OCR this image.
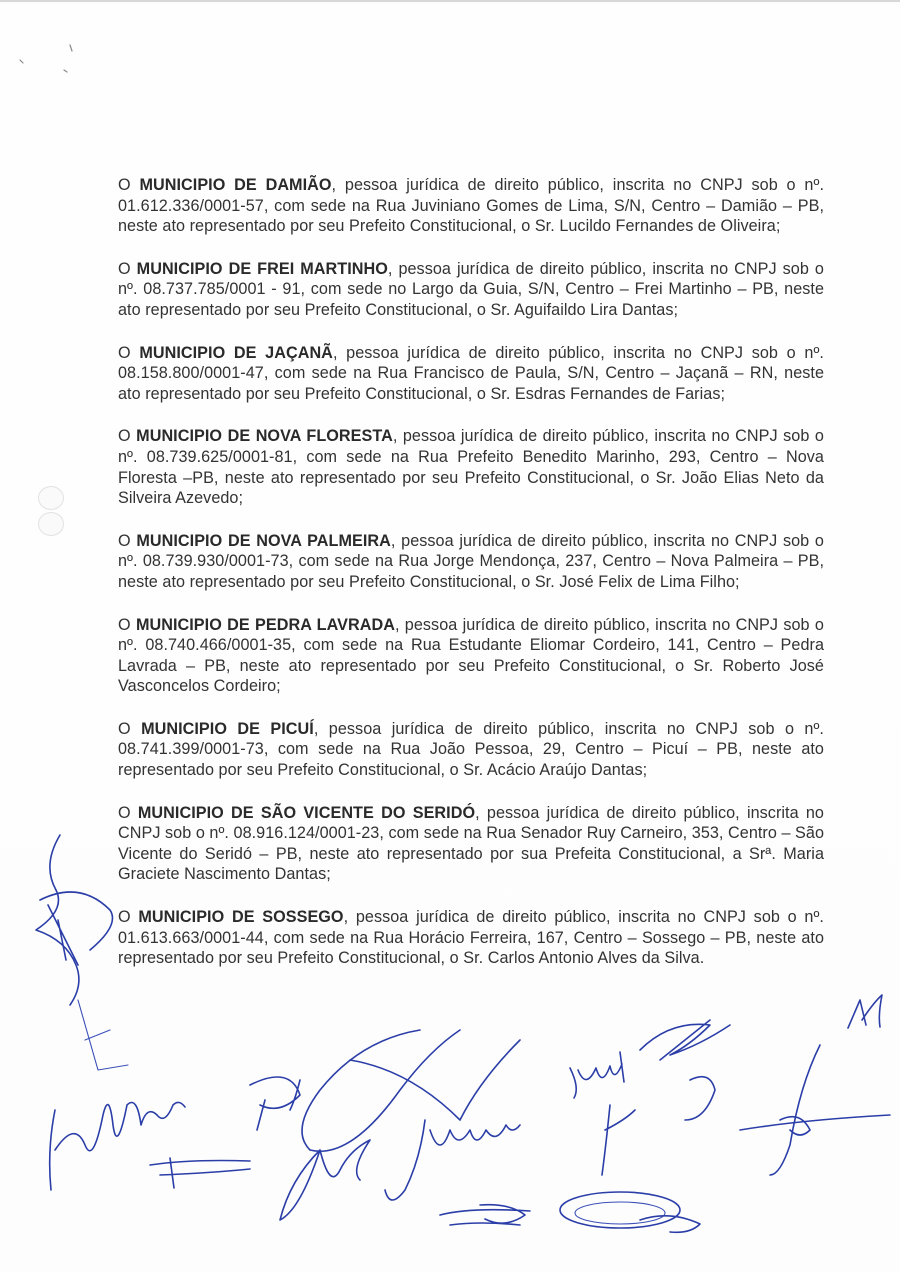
O MUNICIPIO DE DAMIÃO, pessoa jurídica de direito público, inscrita no CNPJ sob o nº. 01.612.336/0001-57, com sede na Rua Juviniano Gomes de Lima, S/N, Centro – Damião – PB, neste ato representado por seu Prefeito Constitucional, o Sr. Lucildo Fernandes de Oliveira;

O MUNICIPIO DE FREI MARTINHO, pessoa jurídica de direito público, inscrita no CNPJ sob o nº. 08.737.785/0001 - 91, com sede no Largo da Guia, S/N, Centro – Frei Martinho – PB, neste ato representado por seu Prefeito Constitucional, o Sr. Aguifaildo Lira Dantas;

O MUNICIPIO DE JAÇANÃ, pessoa jurídica de direito público, inscrita no CNPJ sob o nº. 08.158.800/0001-47, com sede na Rua Francisco de Paula, S/N, Centro – Jaçanã – RN, neste ato representado por seu Prefeito Constitucional, o Sr. Esdras Fernandes de Farias;

O MUNICIPIO DE NOVA FLORESTA, pessoa jurídica de direito público, inscrita no CNPJ sob o nº. 08.739.625/0001-81, com sede na Rua Prefeito Benedito Marinho, 293, Centro – Nova Floresta –PB, neste ato representado por seu Prefeito Constitucional, o Sr. João Elias Neto da Silveira Azevedo;

O MUNICIPIO DE NOVA PALMEIRA, pessoa jurídica de direito público, inscrita no CNPJ sob o nº. 08.739.930/0001-73, com sede na Rua Jorge Mendonça, 237, Centro – Nova Palmeira – PB, neste ato representado por seu Prefeito Constitucional, o Sr. José Felix de Lima Filho;

O MUNICIPIO DE PEDRA LAVRADA, pessoa jurídica de direito público, inscrita no CNPJ sob o nº. 08.740.466/0001-35, com sede na Rua Estudante Eliomar Cordeiro, 141, Centro – Pedra Lavrada – PB, neste ato representado por seu Prefeito Constitucional, o Sr. Roberto José Vasconcelos Cordeiro;

O MUNICIPIO DE PICUÍ, pessoa jurídica de direito público, inscrita no CNPJ sob o nº. 08.741.399/0001-73, com sede na Rua João Pessoa, 29, Centro – Picuí – PB, neste ato representado por seu Prefeito Constitucional, o Sr. Acácio Araújo Dantas;

O MUNICIPIO DE SÃO VICENTE DO SERIDÓ, pessoa jurídica de direito público, inscrita no CNPJ sob o nº. 08.916.124/0001-23, com sede na Rua Senador Ruy Carneiro, 353, Centro – São Vicente do Seridó – PB, neste ato representado por sua Prefeita Constitucional, a Srª. Maria Graciete Nascimento Dantas;

O MUNICIPIO DE SOSSEGO, pessoa jurídica de direito público, inscrita no CNPJ sob o nº. 01.613.663/0001-44, com sede na Rua Horácio Ferreira, 167, Centro – Sossego – PB, neste ato representado por seu Prefeito Constitucional, o Sr. Carlos Antonio Alves da Silva.
